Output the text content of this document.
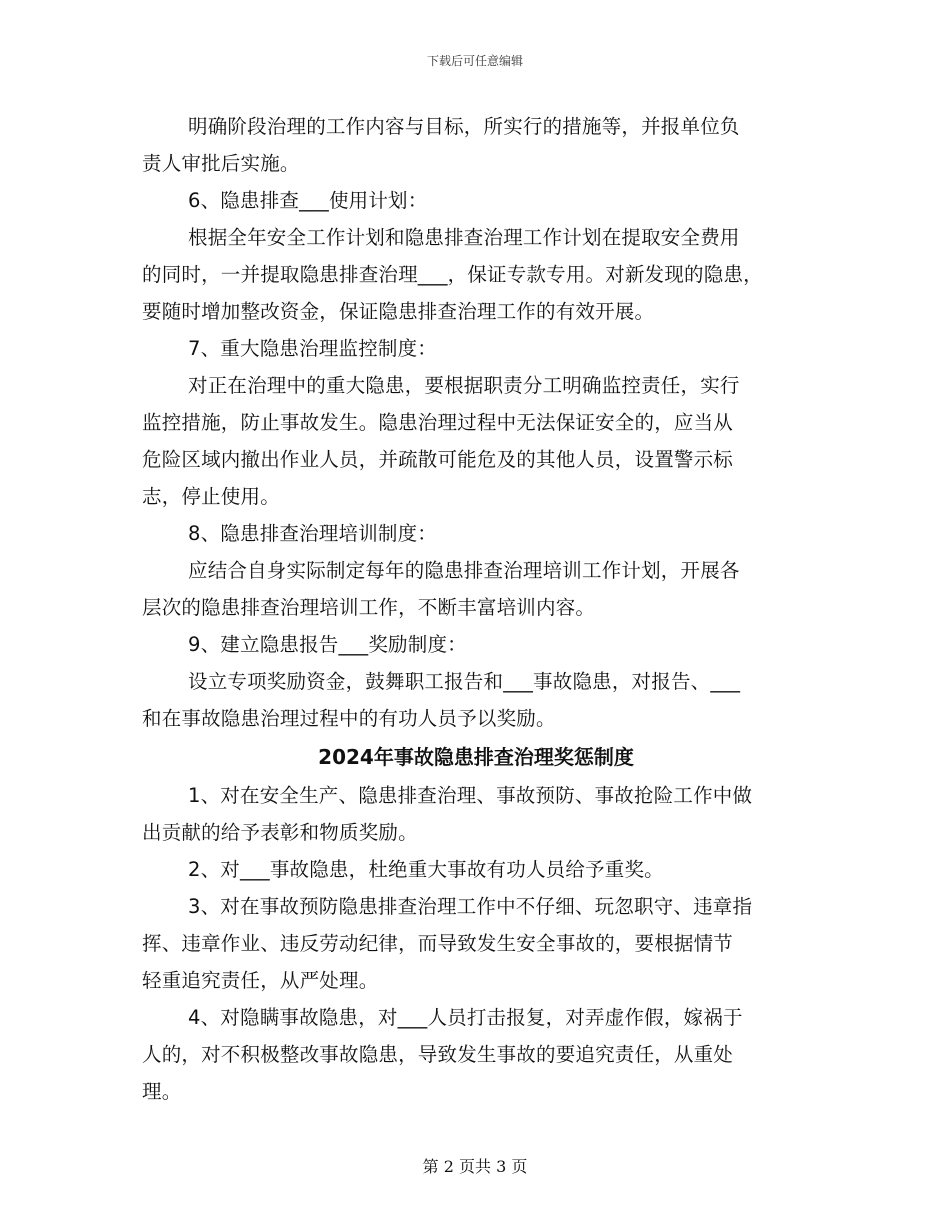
下载后可任意编辑
明确阶段治理的工作内容与目标，所实行的措施等，并报单位负
责人审批后实施。
6、隐患排查___使用计划：
根据全年安全工作计划和隐患排查治理工作计划在提取安全费用
的同时，一并提取隐患排查治理___，保证专款专用。对新发现的隐患，
要随时增加整改资金，保证隐患排查治理工作的有效开展。
7、重大隐患治理监控制度：
对正在治理中的重大隐患，要根据职责分工明确监控责任，实行
监控措施，防止事故发生。隐患治理过程中无法保证安全的，应当从
危险区域内撤出作业人员，并疏散可能危及的其他人员，设置警示标
志，停止使用。
8、隐患排查治理培训制度：
应结合自身实际制定每年的隐患排查治理培训工作计划，开展各
层次的隐患排查治理培训工作，不断丰富培训内容。
9、建立隐患报告___奖励制度：
设立专项奖励资金，鼓舞职工报告和___事故隐患，对报告、___
和在事故隐患治理过程中的有功人员予以奖励。
2024年事故隐患排查治理奖惩制度
1、对在安全生产、隐患排查治理、事故预防、事故抢险工作中做
出贡献的给予表彰和物质奖励。
2、对___事故隐患，杜绝重大事故有功人员给予重奖。
3、对在事故预防隐患排查治理工作中不仔细、玩忽职守、违章指
挥、违章作业、违反劳动纪律，而导致发生安全事故的，要根据情节
轻重追究责任，从严处理。
4、对隐瞒事故隐患，对___人员打击报复，对弄虚作假，嫁祸于
人的，对不积极整改事故隐患，导致发生事故的要追究责任，从重处
理。
第 2 页共 3 页
